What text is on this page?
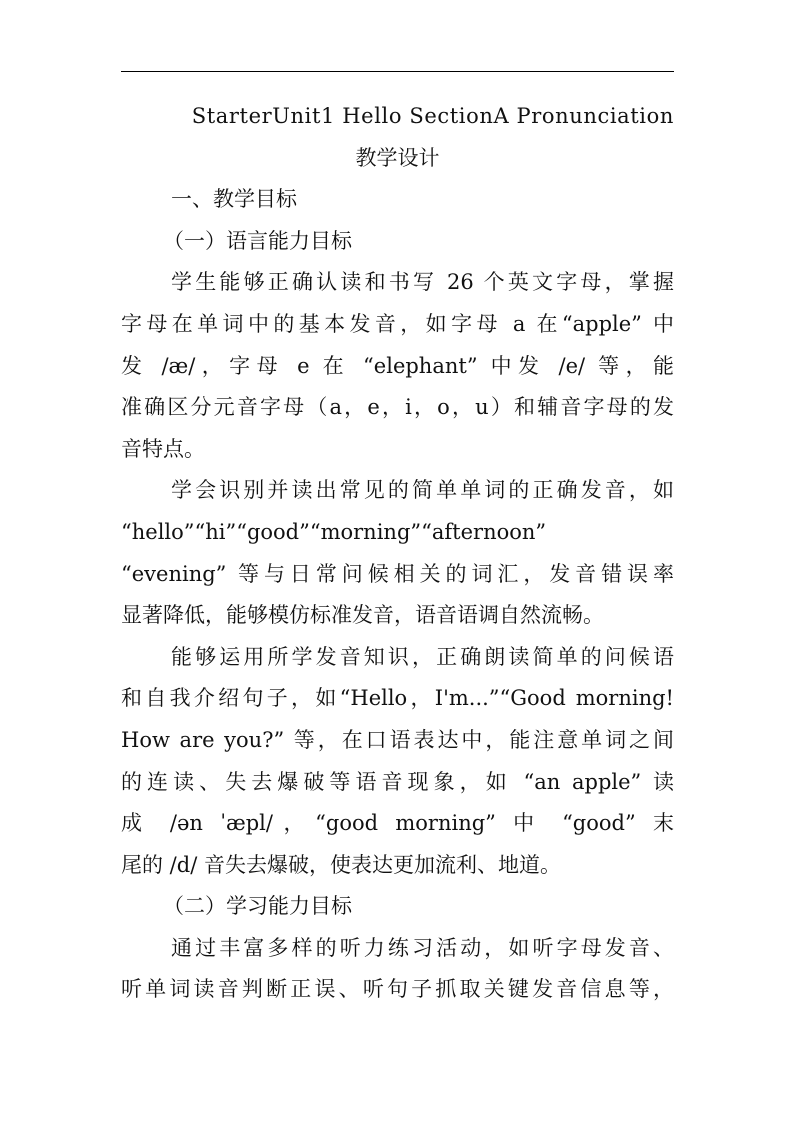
StarterUnit1 Hello SectionA Pronunciation
教学设计
一、教学目标
（一）语言能力目标
学生能够正确认读和书写 26 个英文字母，掌握
字母在单词中的基本发音，如字母 a 在“apple” 中
发 /æ/，字母 e 在 “elephant” 中发 /e/ 等，能
准确区分元音字母（a，e，i，o，u）和辅音字母的发
音特点。
学会识别并读出常见的简单单词的正确发音，如
“hello”“hi”“good”“morning”“afternoon”
“evening” 等与日常问候相关的词汇，发音错误率
显著降低，能够模仿标准发音，语音语调自然流畅。
能够运用所学发音知识，正确朗读简单的问候语
和自我介绍句子，如“Hello，I'm...”“Good morning!
How are you?” 等，在口语表达中，能注意单词之间
的连读、失去爆破等语音现象，如 “an apple” 读
成 /ən ˈæpl/，“good morning” 中 “good” 末
尾的 /d/ 音失去爆破，使表达更加流利、地道。
（二）学习能力目标
通过丰富多样的听力练习活动，如听字母发音、
听单词读音判断正误、听句子抓取关键发音信息等，
